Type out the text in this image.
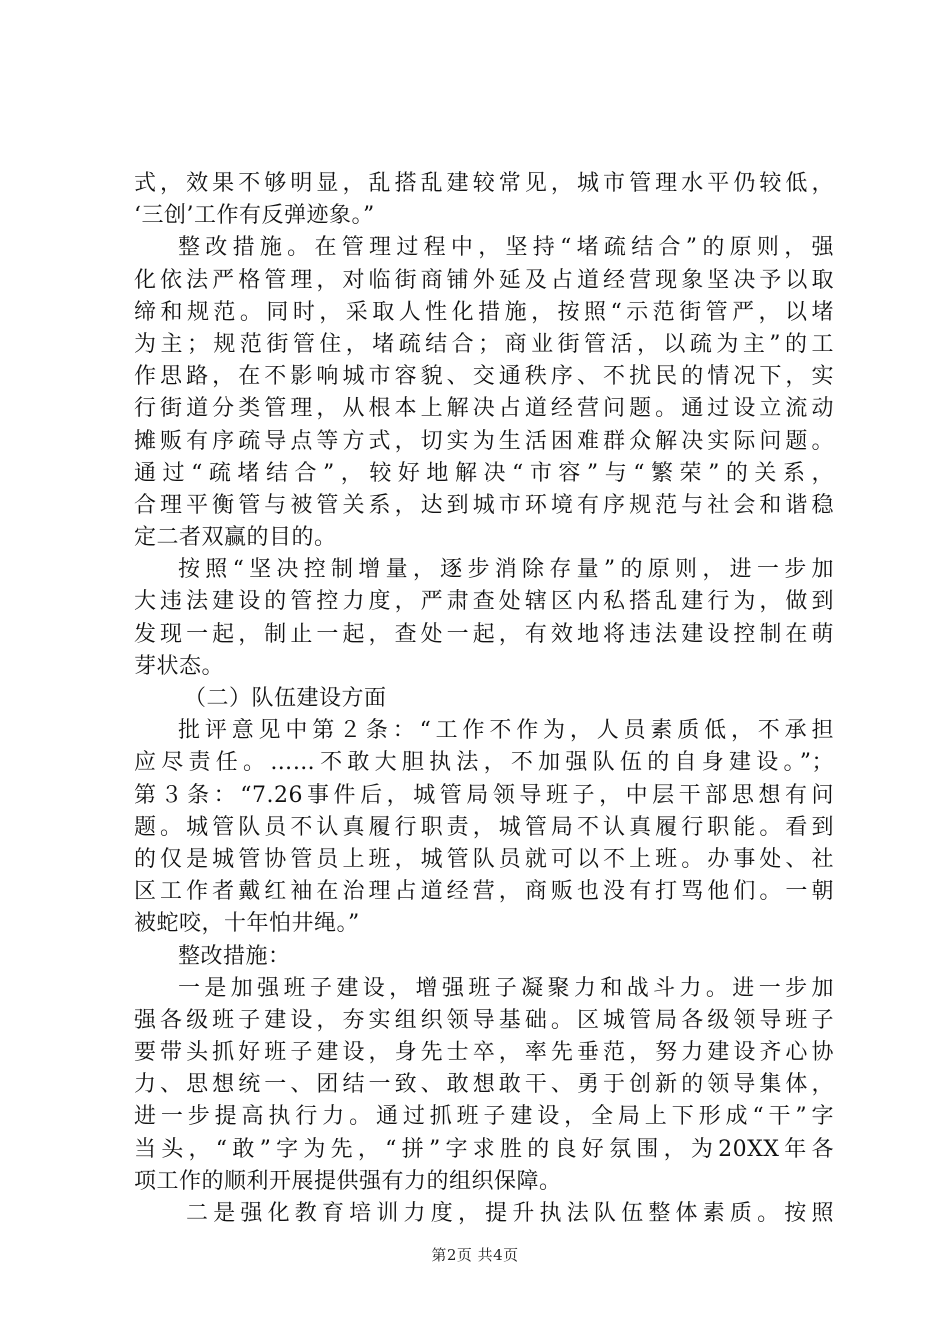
式，效果不够明显，乱搭乱建较常见，城市管理水平仍较低，
‘三创’工作有反弹迹象。”
整改措施。在管理过程中，坚持“堵疏结合”的原则，强
化依法严格管理，对临街商铺外延及占道经营现象坚决予以取
缔和规范。同时，采取人性化措施，按照“示范街管严，以堵
为主；规范街管住，堵疏结合；商业街管活，以疏为主”的工
作思路，在不影响城市容貌、交通秩序、不扰民的情况下，实
行街道分类管理，从根本上解决占道经营问题。通过设立流动
摊贩有序疏导点等方式，切实为生活困难群众解决实际问题。
通过“疏堵结合”，较好地解决“市容”与“繁荣”的关系，
合理平衡管与被管关系，达到城市环境有序规范与社会和谐稳
定二者双赢的目的。
按照“坚决控制增量，逐步消除存量”的原则，进一步加
大违法建设的管控力度，严肃查处辖区内私搭乱建行为，做到
发现一起，制止一起，查处一起，有效地将违法建设控制在萌
芽状态。
（二）队伍建设方面
批评意见中第２条：“工作不作为，人员素质低，不承担
应尽责任。……不敢大胆执法，不加强队伍的自身建设。”；
第３条：“7.26事件后，城管局领导班子，中层干部思想有问
题。城管队员不认真履行职责，城管局不认真履行职能。看到
的仅是城管协管员上班，城管队员就可以不上班。办事处、社
区工作者戴红袖在治理占道经营，商贩也没有打骂他们。一朝
被蛇咬，十年怕井绳。”
整改措施：
一是加强班子建设，增强班子凝聚力和战斗力。进一步加
强各级班子建设，夯实组织领导基础。区城管局各级领导班子
要带头抓好班子建设，身先士卒，率先垂范，努力建设齐心协
力、思想统一、团结一致、敢想敢干、勇于创新的领导集体，
进一步提高执行力。通过抓班子建设，全局上下形成“干”字
当头，“敢”字为先，“拼”字求胜的良好氛围，为20XX年各
项工作的顺利开展提供强有力的组织保障。
二是强化教育培训力度，提升执法队伍整体素质。按照
第2页 共4页
